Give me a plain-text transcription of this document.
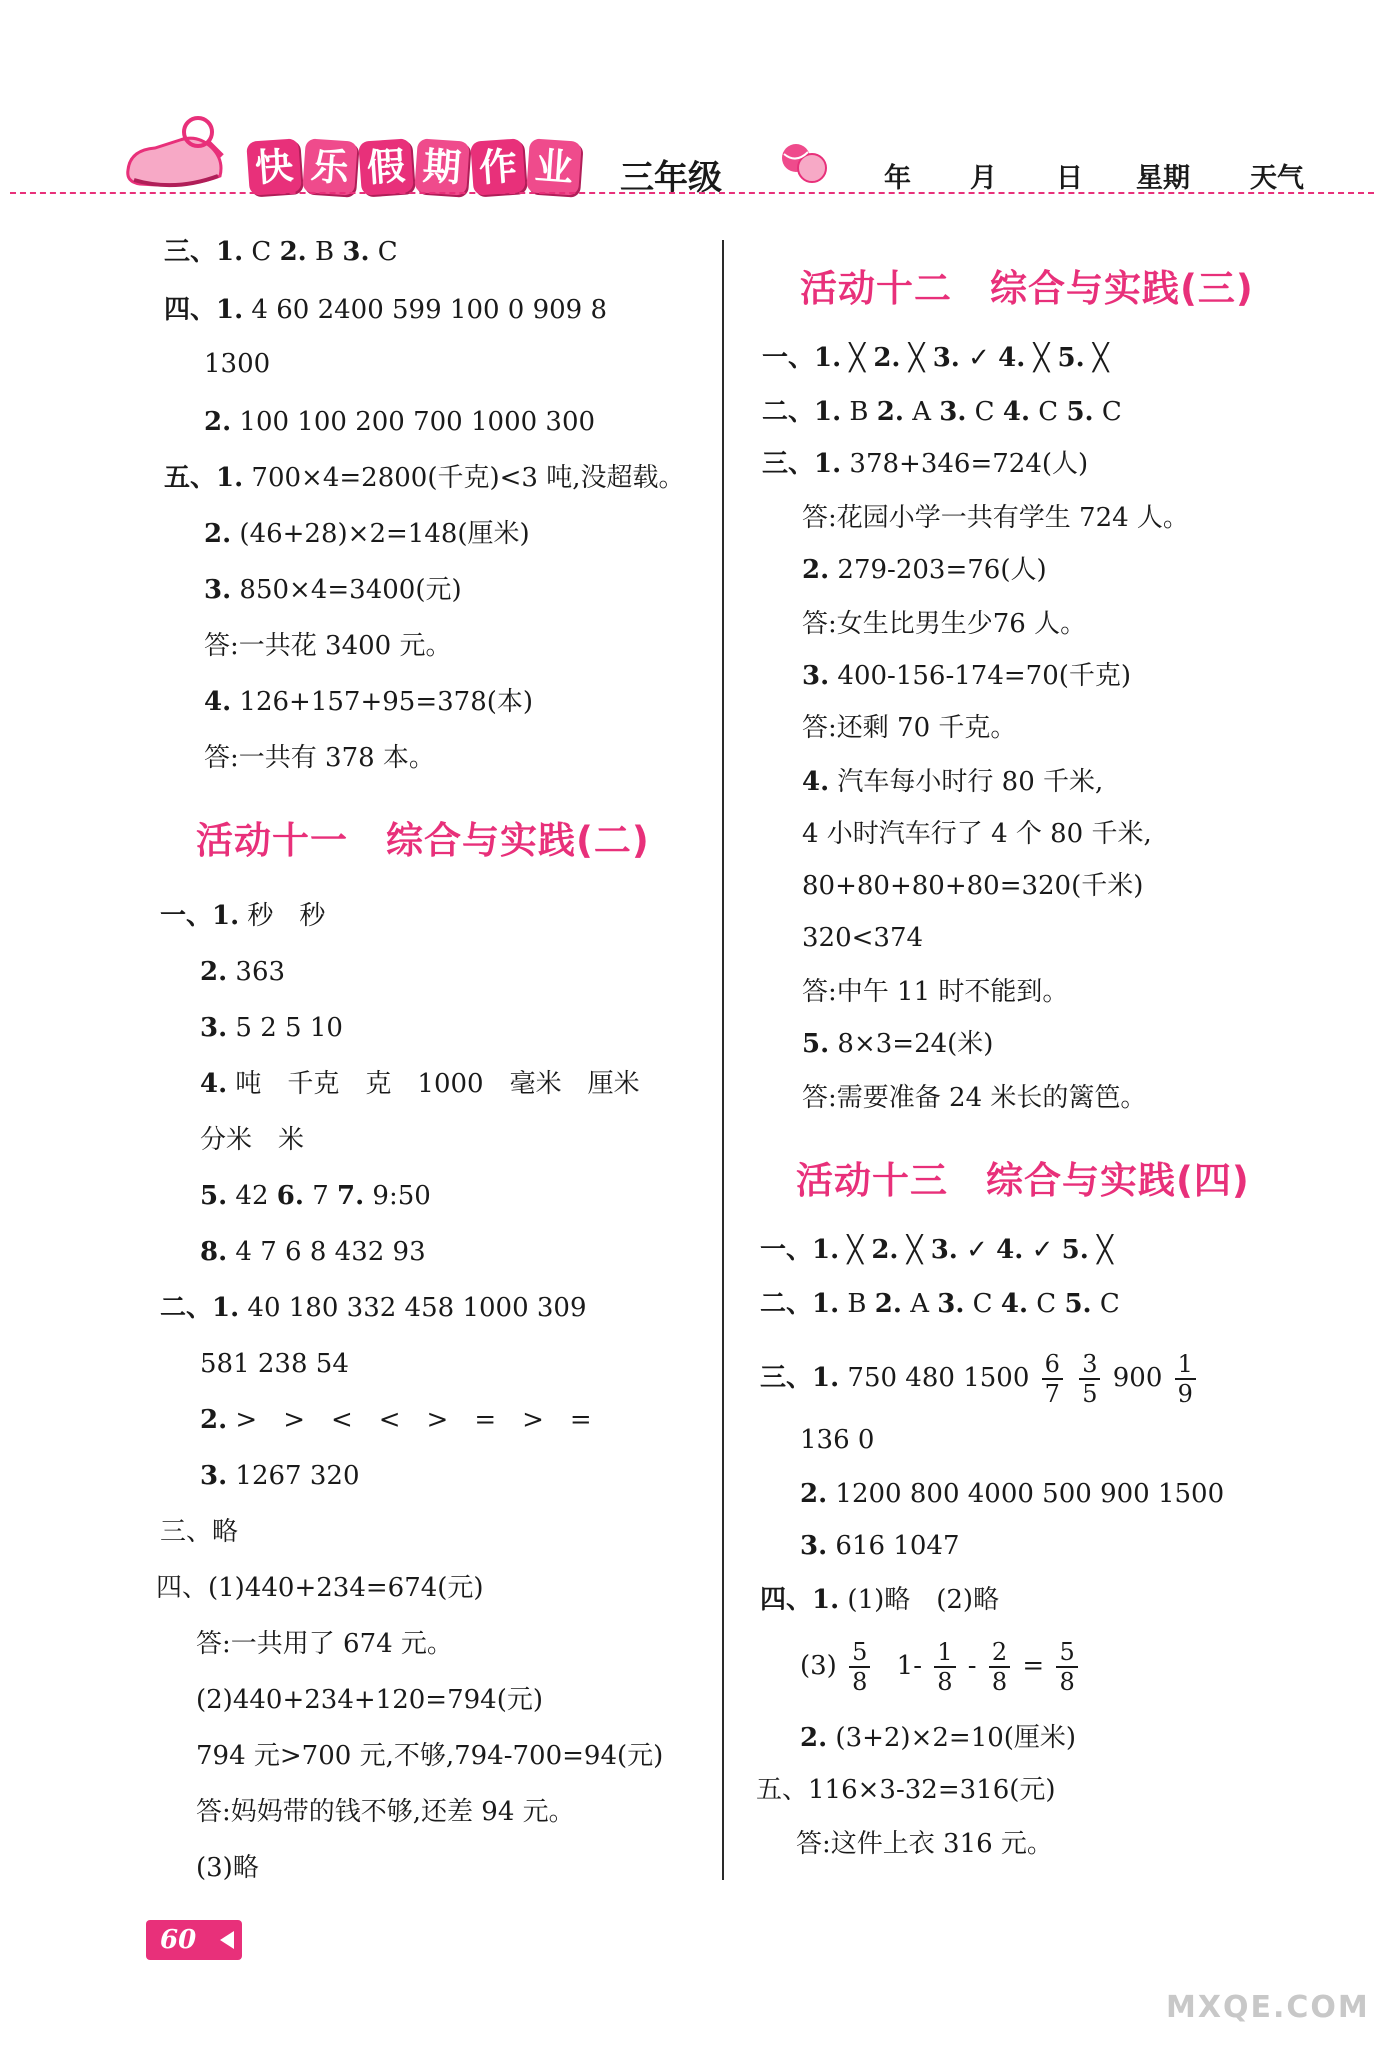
快 乐 假 期 作 业 三年级	年 月 日 星期 天气
三、1. C 2. B 3. C
四、1. 4 60 2400 599 100 0 909 8
1300
2. 100 100 200 700 1000 300
五、1. 700×4=2800(千克)<3 吨,没超载。
2. (46+28)×2=148(厘米)
3. 850×4=3400(元)
答:一共花 3400 元。
4. 126+157+95=378(本)
答:一共有 378 本。
活动十一　综合与实践(二)
一、1. 秒　秒
2. 363
3. 5 2 5 10
4. 吨　千克　克　1000　毫米　厘米
分米　米
5. 42 6. 7 7. 9:50
8. 4 7 6 8 432 93
二、1. 40 180 332 458 1000 309
581 238 54
2. >　>　<　<　>　=　>　=
3. 1267 320
三、略
四、(1)440+234=674(元)
答:一共用了 674 元。
(2)440+234+120=794(元)
794 元>700 元,不够,794-700=94(元)
答:妈妈带的钱不够,还差 94 元。
(3)略
活动十二　综合与实践(三)
一、1. ╳ 2. ╳ 3. ✓ 4. ╳ 5. ╳
二、1. B 2. A 3. C 4. C 5. C
三、1. 378+346=724(人)
答:花园小学一共有学生 724 人。
2. 279-203=76(人)
答:女生比男生少76 人。
3. 400-156-174=70(千克)
答:还剩 70 千克。
4. 汽车每小时行 80 千米,
4 小时汽车行了 4 个 80 千米,
80+80+80+80=320(千米)
320<374
答:中午 11 时不能到。
5. 8×3=24(米)
答:需要准备 24 米长的篱笆。
活动十三　综合与实践(四)
一、1. ╳ 2. ╳ 3. ✓ 4. ✓ 5. ╳
二、1. B 2. A 3. C 4. C 5. C
三、1. 750 480 $1500 \frac{6}{7}$
$\frac{3}{5} 900 \frac{1}{9}$
136 0
2. 1200 800 4000 500 900 1500
3. 616 1047
四、1. (1)略　(2)略
$(3) \frac{5}{8} 1- \frac{1}{8} - \frac{2}{8} = \frac{5}{8}$
2. (3+2)×2=10(厘米)
五、116×3-32=316(元)
答:这件上衣 316 元。
60
MXQE.COM
